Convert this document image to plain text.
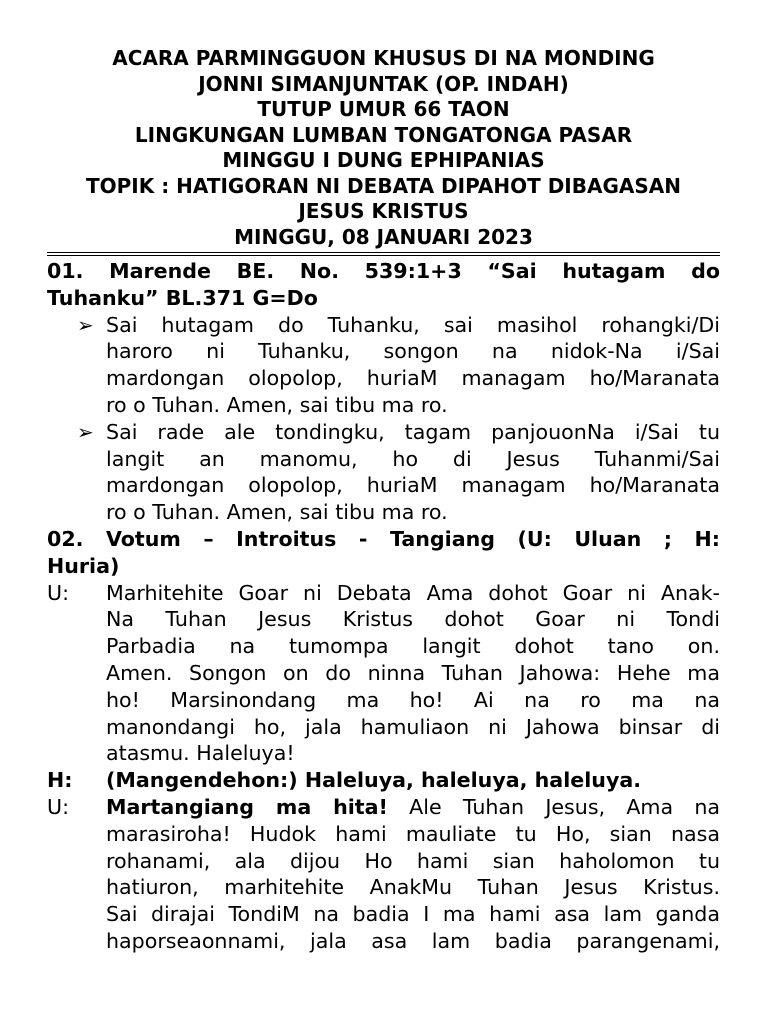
ACARA PARMINGGUON KHUSUS DI NA MONDING
JONNI SIMANJUNTAK (OP. INDAH)
TUTUP UMUR 66 TAON
LINGKUNGAN LUMBAN TONGATONGA PASAR
MINGGU I DUNG EPHIPANIAS
TOPIK : HATIGORAN NI DEBATA DIPAHOT DIBAGASAN
JESUS KRISTUS
MINGGU, 08 JANUARI 2023
01.  Marende  BE.  No.  539:1+3  “Sai  hutagam  do
Tuhanku” BL.371 G=Do
➢ Sai hutagam do Tuhanku, sai masihol rohangki/Di
haroro ni Tuhanku, songon na nidok-Na i/Sai
mardongan olopolop, huriaM managam ho/Maranata
ro o Tuhan. Amen, sai tibu ma ro.
➢ Sai rade ale tondingku, tagam panjouonNa i/Sai tu
langit an manomu, ho di Jesus Tuhanmi/Sai
mardongan olopolop, huriaM managam ho/Maranata
ro o Tuhan. Amen, sai tibu ma ro.
02.  Votum  –  Introitus  -  Tangiang  (U:  Uluan  ;  H:
Huria)
U: Marhitehite Goar ni Debata Ama dohot Goar ni Anak-
Na Tuhan Jesus Kristus dohot Goar ni Tondi
Parbadia na tumompa langit dohot tano on.
Amen. Songon on do ninna Tuhan Jahowa: Hehe ma
ho! Marsinondang ma ho! Ai na ro ma na
manondangi ho, jala hamuliaon ni Jahowa binsar di
atasmu. Haleluya!
H: (Mangendehon:) Haleluya, haleluya, haleluya.
U: Martangiang ma hita! Ale Tuhan Jesus, Ama na
marasiroha! Hudok hami mauliate tu Ho, sian nasa
rohanami, ala dijou Ho hami sian haholomon tu
hatiuron, marhitehite AnakMu Tuhan Jesus Kristus.
Sai dirajai TondiM na badia I ma hami asa lam ganda
haporseaonnami, jala asa lam badia parangenami,
